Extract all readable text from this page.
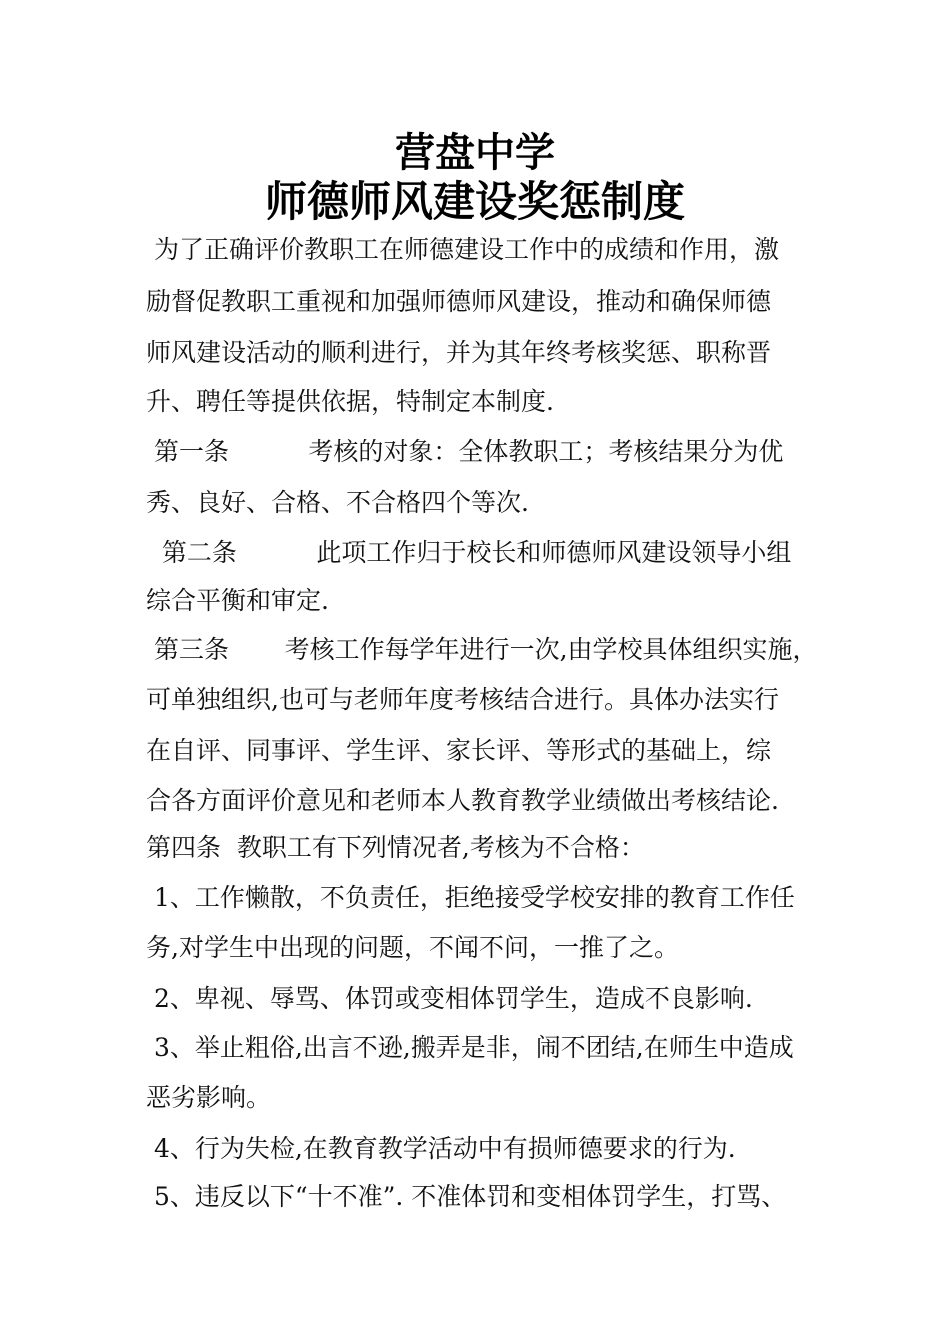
营盘中学
师德师风建设奖惩制度
为了正确评价教职工在师德建设工作中的成绩和作用，激
励督促教职工重视和加强师德师风建设，推动和确保师德
师风建设活动的顺利进行，并为其年终考核奖惩、职称晋
升、聘任等提供依据，特制定本制度.
第一条          考核的对象：全体教职工；考核结果分为优
秀、良好、合格、不合格四个等次.
第二条          此项工作归于校长和师德师风建设领导小组
综合平衡和审定.
第三条       考核工作每学年进行一次,由学校具体组织实施，
可单独组织,也可与老师年度考核结合进行。具体办法实行
在自评、同事评、学生评、家长评、等形式的基础上，综
合各方面评价意见和老师本人教育教学业绩做出考核结论.
第四条  教职工有下列情况者,考核为不合格：
1、工作懒散，不负责任，拒绝接受学校安排的教育工作任
务,对学生中出现的问题，不闻不问，一推了之。
2、卑视、辱骂、体罚或变相体罚学生，造成不良影响.
3、举止粗俗,出言不逊,搬弄是非，闹不团结,在师生中造成
恶劣影响。
4、行为失检,在教育教学活动中有损师德要求的行为.
5、违反以下“十不准”. 不准体罚和变相体罚学生，打骂、
